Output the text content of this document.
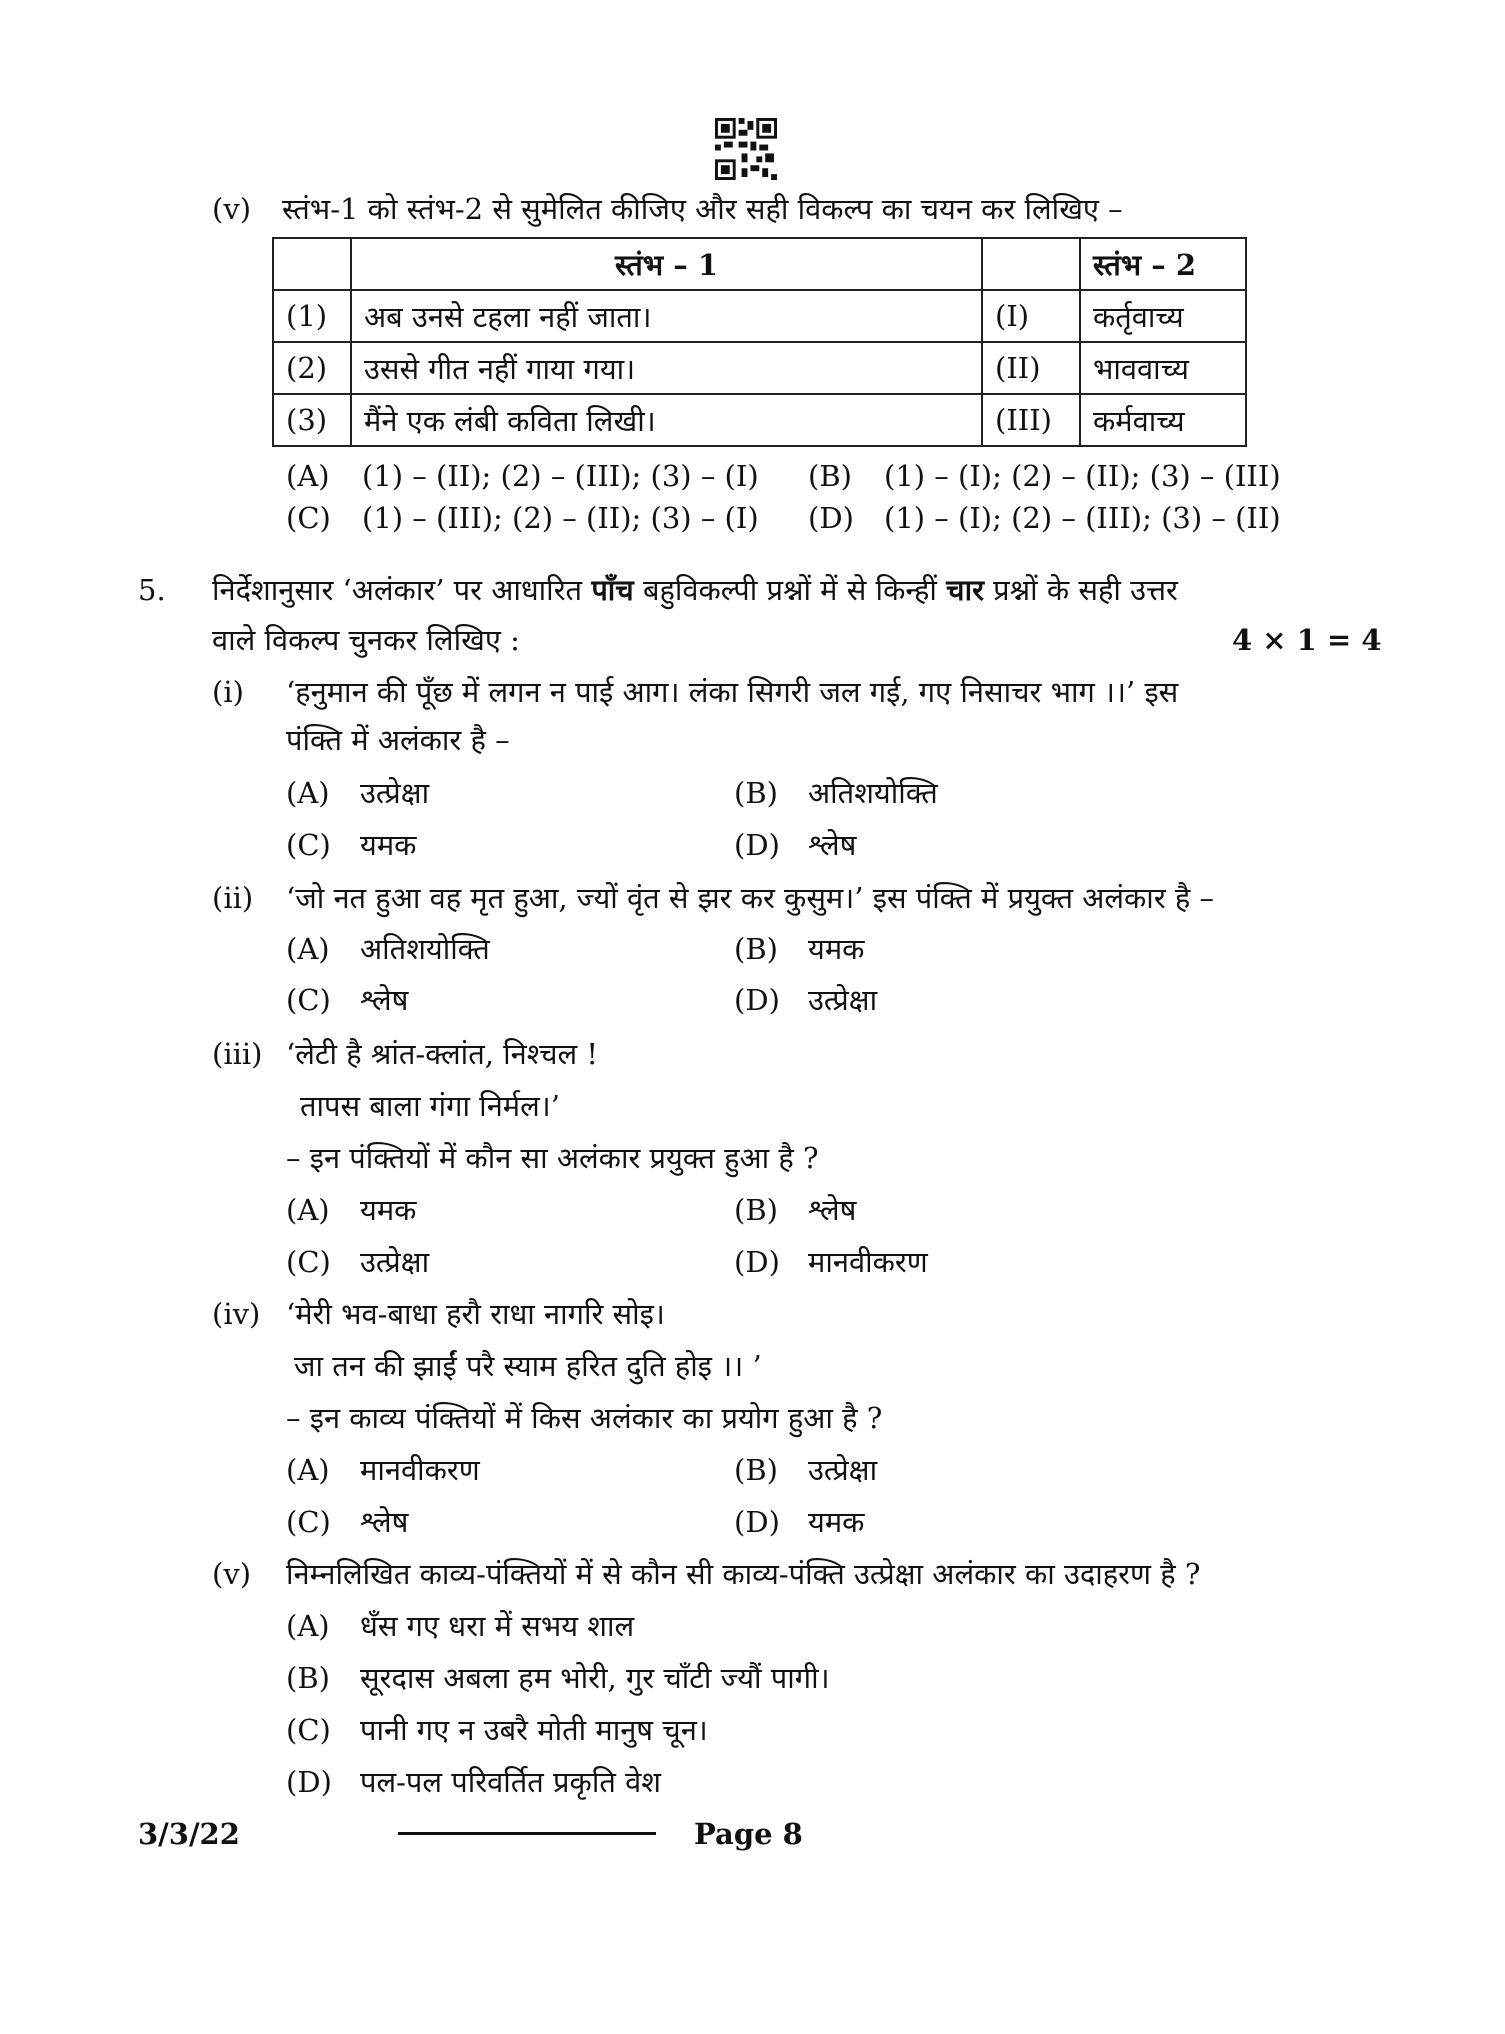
(v) स्तंभ-1 को स्तंभ-2 से सुमेलित कीजिए और सही विकल्प का चयन कर लिखिए –
	स्तंभ – 1		स्तंभ – 2
(1)	अब उनसे टहला नहीं जाता।	(I)	कर्तृवाच्य
(2)	उससे गीत नहीं गाया गया।	(II)	भाववाच्य
(3)	मैंने एक लंबी कविता लिखी।	(III)	कर्मवाच्य
(A) (1) – (II); (2) – (III); (3) – (I) (B) (1) – (I); (2) – (II); (3) – (III)
(C) (1) – (III); (2) – (II); (3) – (I) (D) (1) – (I); (2) – (III); (3) – (II)
5. निर्देशानुसार ‘अलंकार’ पर आधारित पाँच बहुविकल्पी प्रश्नों में से किन्हीं चार प्रश्नों के सही उत्तर
वाले विकल्प चुनकर लिखिए :	4 × 1 = 4
(i) ‘हनुमान की पूँछ में लगन न पाई आग। लंका सिगरी जल गई, गए निसाचर भाग ।।’ इस
पंक्ति में अलंकार है –
(A) उत्प्रेक्षा	(B) अतिशयोक्ति
(C) यमक	(D) श्लेष
(ii) ‘जो नत हुआ वह मृत हुआ, ज्यों वृंत से झर कर कुसुम।’ इस पंक्ति में प्रयुक्त अलंकार है –
(A) अतिशयोक्ति	(B) यमक
(C) श्लेष	(D) उत्प्रेक्षा
(iii) ‘लेटी है श्रांत-क्लांत, निश्चल !
तापस बाला गंगा निर्मल।’
– इन पंक्तियों में कौन सा अलंकार प्रयुक्त हुआ है ?
(A) यमक	(B) श्लेष
(C) उत्प्रेक्षा	(D) मानवीकरण
(iv) ‘मेरी भव-बाधा हरौ राधा नागरि सोइ।
जा तन की झाईं परै स्याम हरित दुति होइ ।। ’
– इन काव्य पंक्तियों में किस अलंकार का प्रयोग हुआ है ?
(A) मानवीकरण	(B) उत्प्रेक्षा
(C) श्लेष	(D) यमक
(v) निम्नलिखित काव्य-पंक्तियों में से कौन सी काव्य-पंक्ति उत्प्रेक्षा अलंकार का उदाहरण है ?
(A) धँस गए धरा में सभय शाल
(B) सूरदास अबला हम भोरी, गुर चाँटी ज्यौं पागी।
(C) पानी गए न उबरै मोती मानुष चून।
(D) पल-पल परिवर्तित प्रकृति वेश
3/3/22	Page 8
